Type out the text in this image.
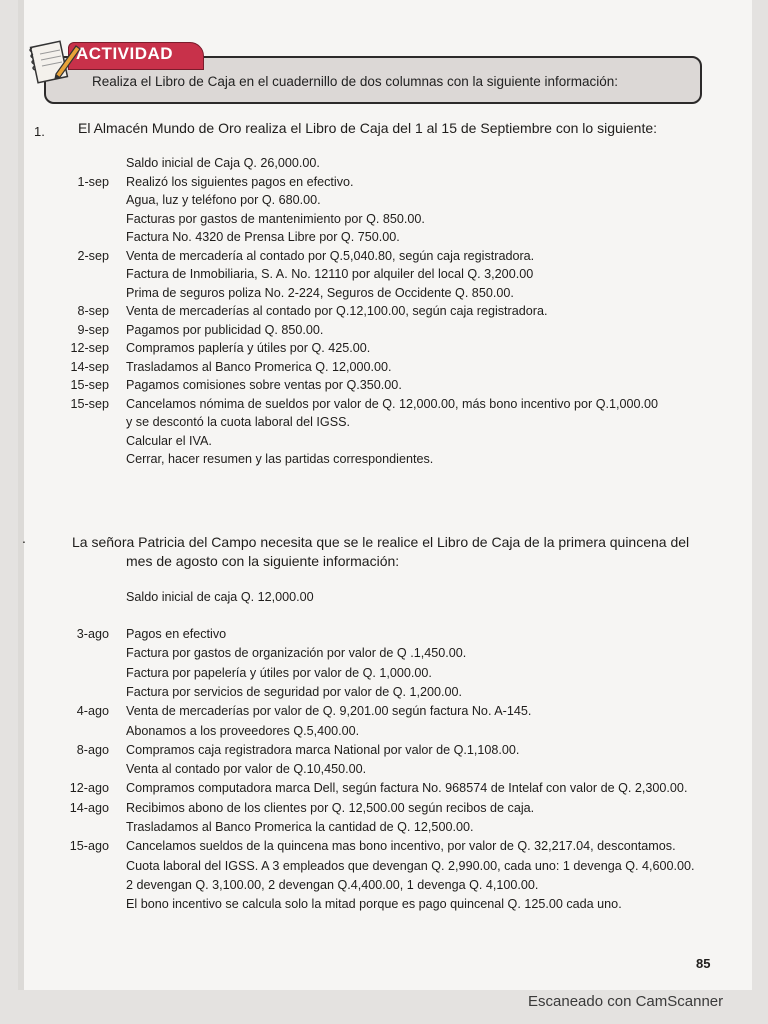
ACTIVIDAD
Realiza el Libro de Caja en el cuadernillo de dos columnas con la siguiente información:
1. El Almacén Mundo de Oro realiza el Libro de Caja del 1 al 15 de Septiembre con lo siguiente:
Saldo inicial de Caja Q. 26,000.00.
1-sep Realizó los siguientes pagos en efectivo.
Agua, luz y teléfono por Q. 680.00.
Facturas por gastos de mantenimiento por Q. 850.00.
Factura No. 4320 de Prensa Libre por Q. 750.00.
2-sep Venta de mercadería al contado por Q.5,040.80, según caja registradora.
Factura de Inmobiliaria, S. A. No. 12110 por alquiler del local Q. 3,200.00
Prima de seguros poliza No. 2-224, Seguros de Occidente Q. 850.00.
8-sep Venta de mercaderías al contado por Q.12,100.00, según caja registradora.
9-sep Pagamos por publicidad Q. 850.00.
12-sep Compramos paplería y útiles por Q. 425.00.
14-sep Trasladamos al Banco Promerica Q. 12,000.00.
15-sep Pagamos comisiones sobre ventas por Q.350.00.
15-sep Cancelamos nómima de sueldos por valor de Q. 12,000.00, más bono incentivo por Q.1,000.00
y se descontó la cuota laboral del IGSS.
Calcular el IVA.
Cerrar, hacer resumen y las partidas correspondientes.
.	La señora Patricia del Campo necesita que se le realice el Libro de Caja de la primera quincena del
mes de agosto con la siguiente información:
Saldo inicial de caja Q. 12,000.00
3-ago Pagos en efectivo
Factura por gastos de organización por valor de Q .1,450.00.
Factura por papelería y útiles por valor de Q. 1,000.00.
Factura por servicios de seguridad por valor de Q. 1,200.00.
4-ago Venta de mercaderías por valor de Q. 9,201.00 según factura No. A-145.
Abonamos a los proveedores Q.5,400.00.
8-ago Compramos caja registradora marca National por valor de Q.1,108.00.
Venta al contado por valor de Q.10,450.00.
12-ago Compramos computadora marca Dell, según factura No. 968574 de Intelaf con valor de Q. 2,300.00.
14-ago Recibimos abono de los clientes por Q. 12,500.00 según recibos de caja.
Trasladamos al Banco Promerica la cantidad de Q. 12,500.00.
15-ago Cancelamos sueldos de la quincena mas bono incentivo, por valor de Q. 32,217.04, descontamos.
Cuota laboral del IGSS. A 3 empleados que devengan Q. 2,990.00, cada uno: 1 devenga Q. 4,600.00.
2 devengan Q. 3,100.00, 2 devengan Q.4,400.00, 1 devenga Q. 4,100.00.
El bono incentivo se calcula solo la mitad porque es pago quincenal Q. 125.00 cada uno.
85
Escaneado con CamScanner
